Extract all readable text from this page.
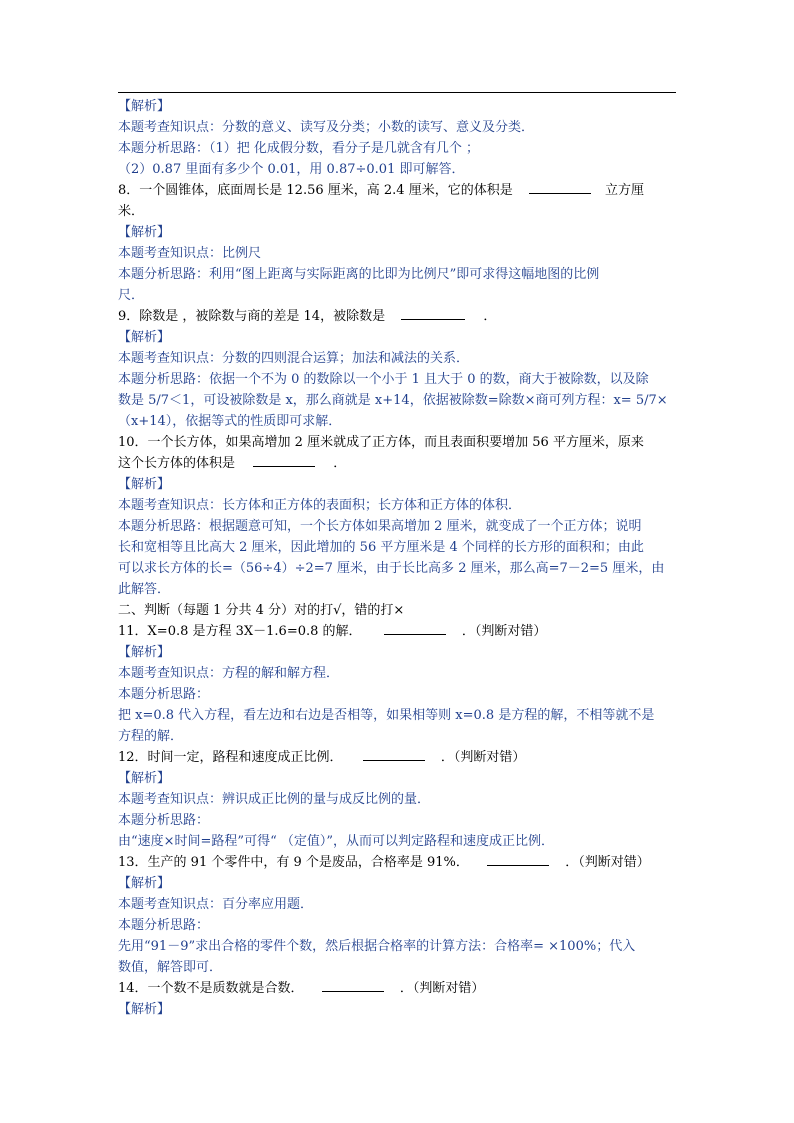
【解析】
本题考查知识点：分数的意义、读写及分类；小数的读写、意义及分类．
本题分析思路：（1）把 化成假分数，看分子是几就含有几个 ；
（2）0.87 里面有多少个 0.01，用 0.87÷0.01 即可解答．
8．一个圆锥体，底面周长是 12.56 厘米，高 2.4 厘米，它的体积是	立方厘
米．
【解析】
本题考查知识点：比例尺
本题分析思路：利用“图上距离与实际距离的比即为比例尺”即可求得这幅地图的比例
尺．
9．除数是 ，被除数与商的差是 14，被除数是	．
【解析】
本题考查知识点：分数的四则混合运算；加法和减法的关系．
本题分析思路：依据一个不为 0 的数除以一个小于 1 且大于 0 的数，商大于被除数，以及除
数是 5/7＜1，可设被除数是 x，那么商就是 x+14，依据被除数=除数×商可列方程：x= 5/7×
（x+14），依据等式的性质即可求解．
10．一个长方体，如果高增加 2 厘米就成了正方体，而且表面积要增加 56 平方厘米，原来
这个长方体的体积是	．
【解析】
本题考查知识点：长方体和正方体的表面积；长方体和正方体的体积．
本题分析思路：根据题意可知，一个长方体如果高增加 2 厘米，就变成了一个正方体；说明
长和宽相等且比高大 2 厘米，因此增加的 56 平方厘米是 4 个同样的长方形的面积和；由此
可以求长方体的长=（56÷4）÷2=7 厘米，由于长比高多 2 厘米，那么高=7－2=5 厘米，由
此解答．
二、判断（每题 1 分共 4 分）对的打√，错的打×
11．X=0.8 是方程 3X－1.6=0.8 的解．	．（判断对错）
【解析】
本题考查知识点：方程的解和解方程．
本题分析思路：
把 x=0.8 代入方程，看左边和右边是否相等，如果相等则 x=0.8 是方程的解，不相等就不是
方程的解．
12．时间一定，路程和速度成正比例．	．（判断对错）
【解析】
本题考查知识点：辨识成正比例的量与成反比例的量．
本题分析思路：
由“速度×时间=路程”可得“ （定值）”，从而可以判定路程和速度成正比例．
13．生产的 91 个零件中，有 9 个是废品，合格率是 91%．	．（判断对错）
【解析】
本题考查知识点：百分率应用题．
本题分析思路：
先用“91－9”求出合格的零件个数，然后根据合格率的计算方法：合格率= ×100%；代入
数值，解答即可．
14．一个数不是质数就是合数．	．（判断对错）
【解析】
